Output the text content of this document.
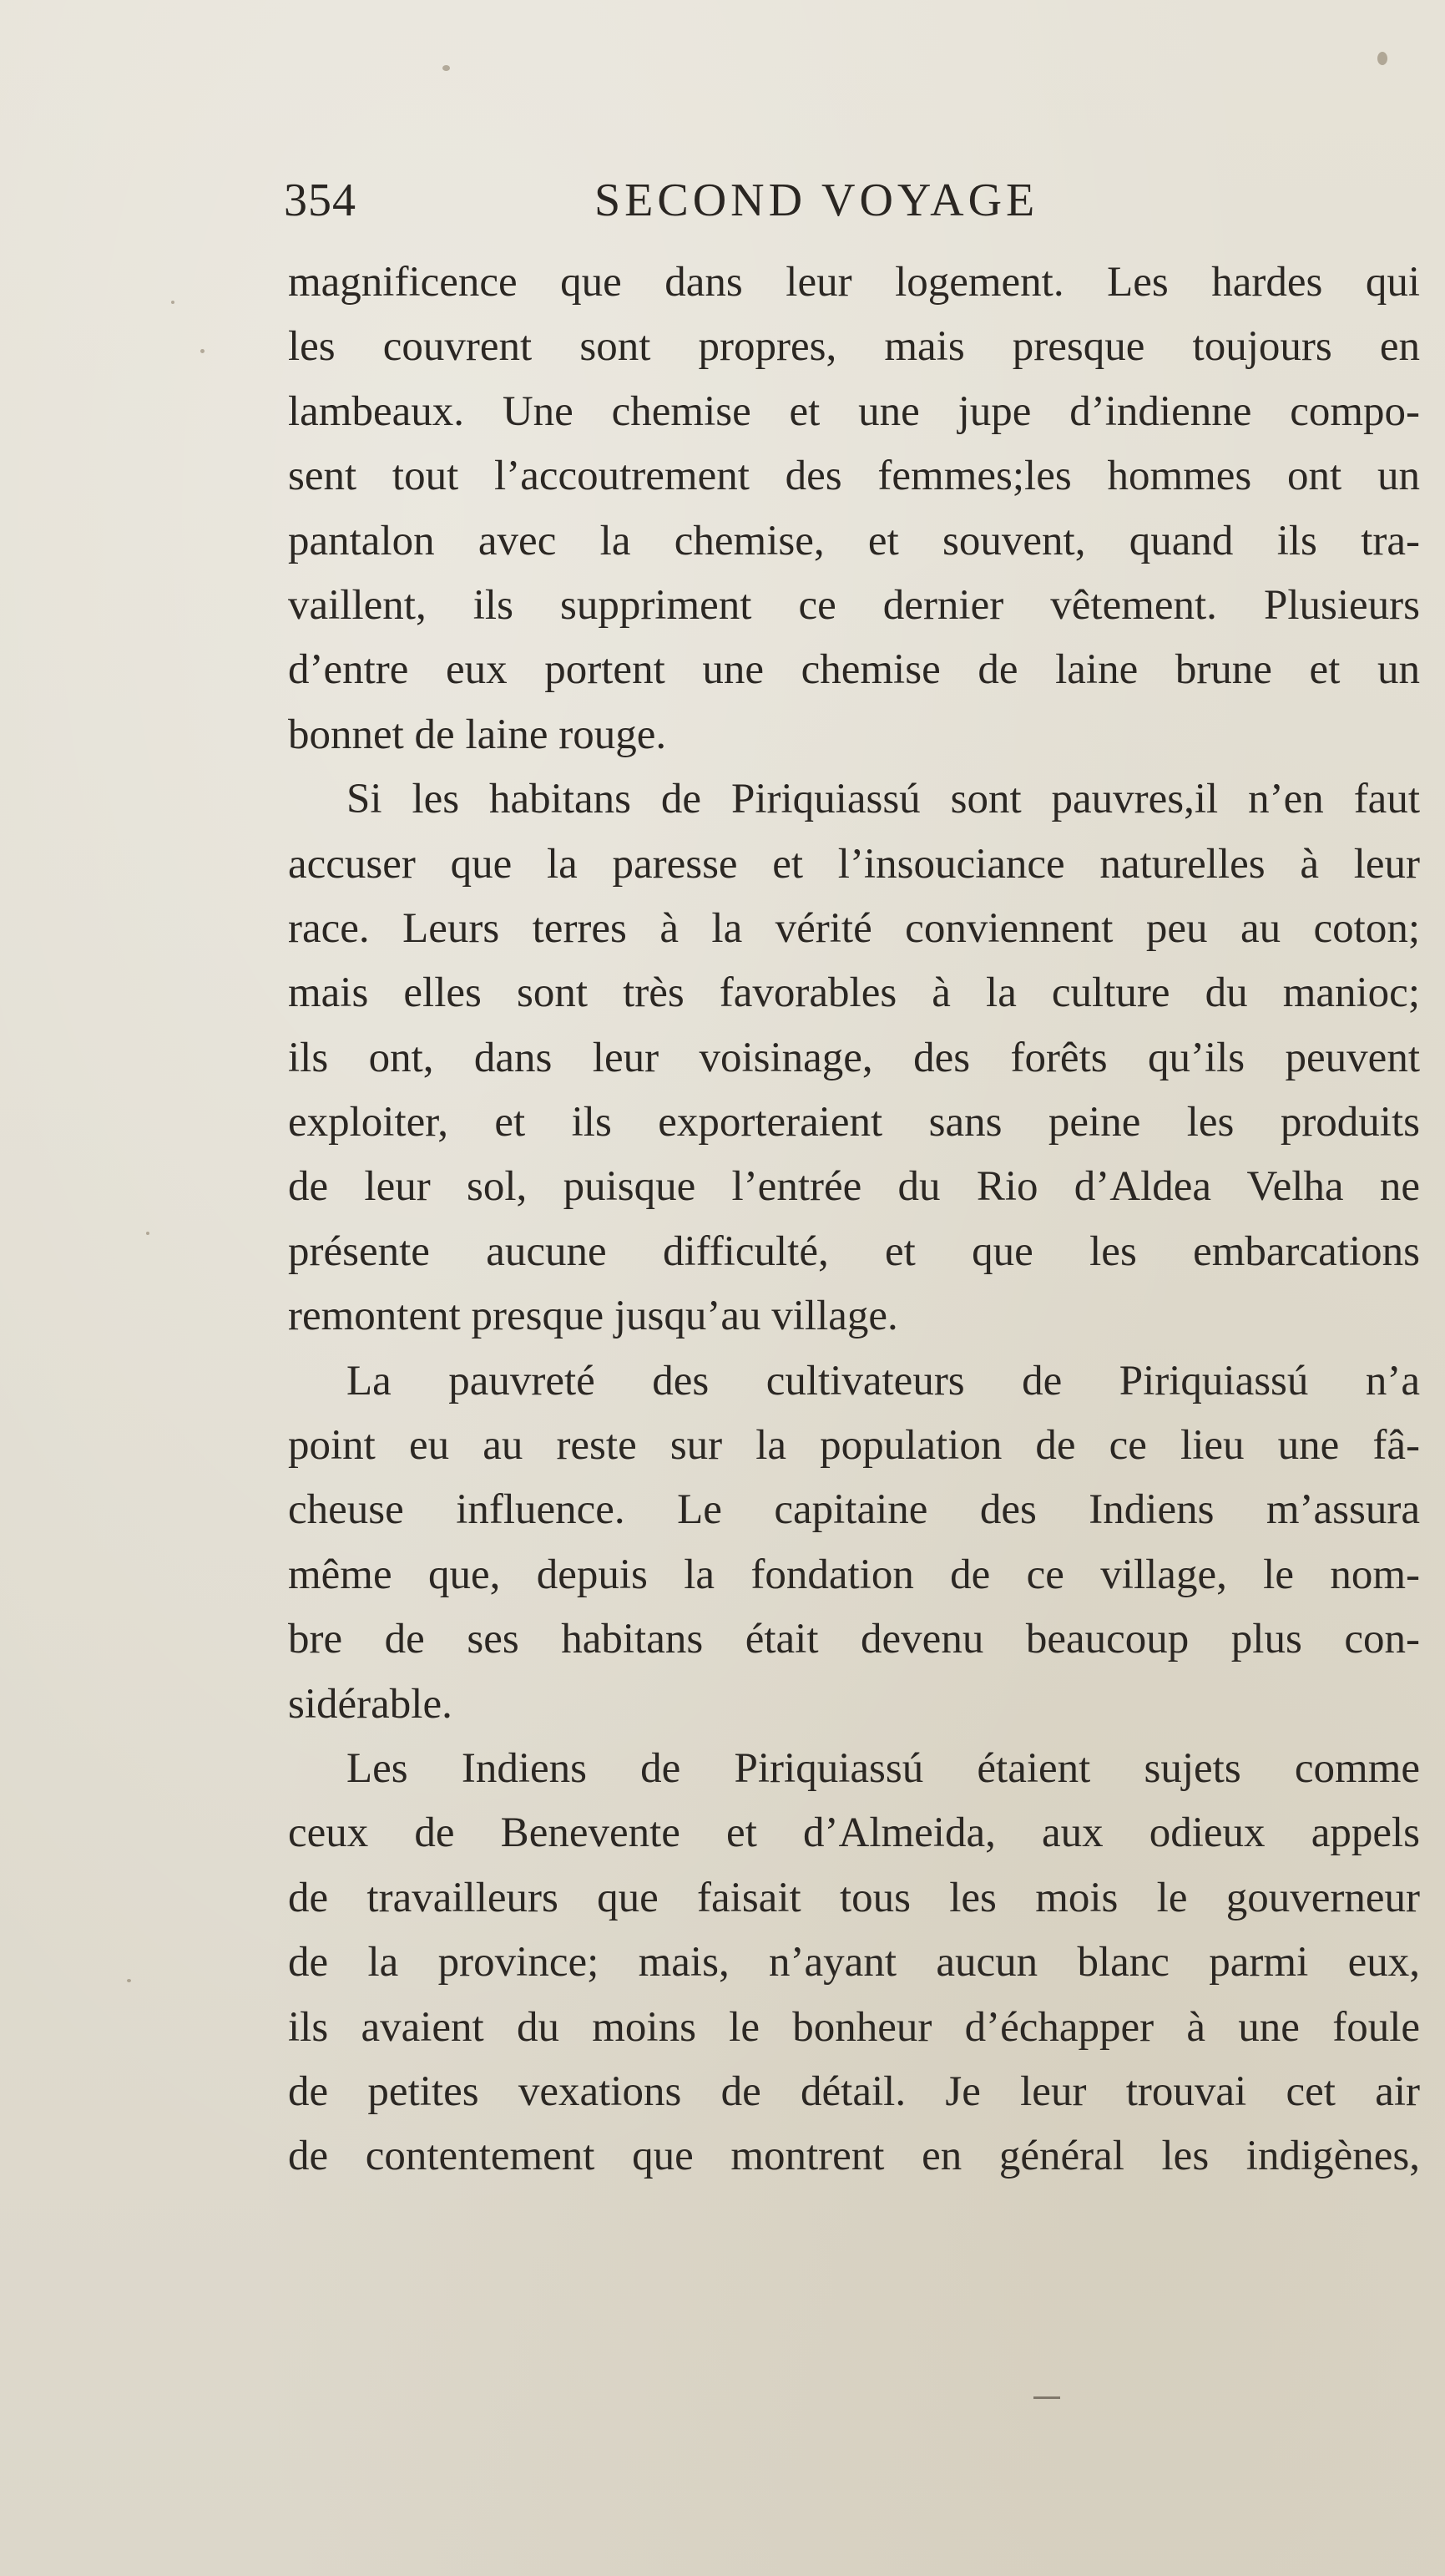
354	SECOND VOYAGE
magnificence que dans leur logement. Les hardes qui
les couvrent sont propres, mais presque toujours en
lambeaux. Une chemise et une jupe d’indienne compo-
sent tout l’accoutrement des femmes;les hommes ont un
pantalon avec la chemise, et souvent, quand ils tra-
vaillent, ils suppriment ce dernier vêtement. Plusieurs
d’entre eux portent une chemise de laine brune et un
bonnet de laine rouge.
Si les habitans de Piriquiassú sont pauvres,il n’en faut
accuser que la paresse et l’insouciance naturelles à leur
race. Leurs terres à la vérité conviennent peu au coton;
mais elles sont très favorables à la culture du manioc;
ils ont, dans leur voisinage, des forêts qu’ils peuvent
exploiter, et ils exporteraient sans peine les produits
de leur sol, puisque l’entrée du Rio d’Aldea Velha ne
présente aucune difficulté, et que les embarcations
remontent presque jusqu’au village.
La pauvreté des cultivateurs de Piriquiassú n’a
point eu au reste sur la population de ce lieu une fâ-
cheuse influence. Le capitaine des Indiens m’assura
même que, depuis la fondation de ce village, le nom-
bre de ses habitans était devenu beaucoup plus con-
sidérable.
Les Indiens de Piriquiassú étaient sujets comme
ceux de Benevente et d’Almeida, aux odieux appels
de travailleurs que faisait tous les mois le gouverneur
de la province; mais, n’ayant aucun blanc parmi eux,
ils avaient du moins le bonheur d’échapper à une foule
de petites vexations de détail. Je leur trouvai cet air
de contentement que montrent en général les indigènes,
